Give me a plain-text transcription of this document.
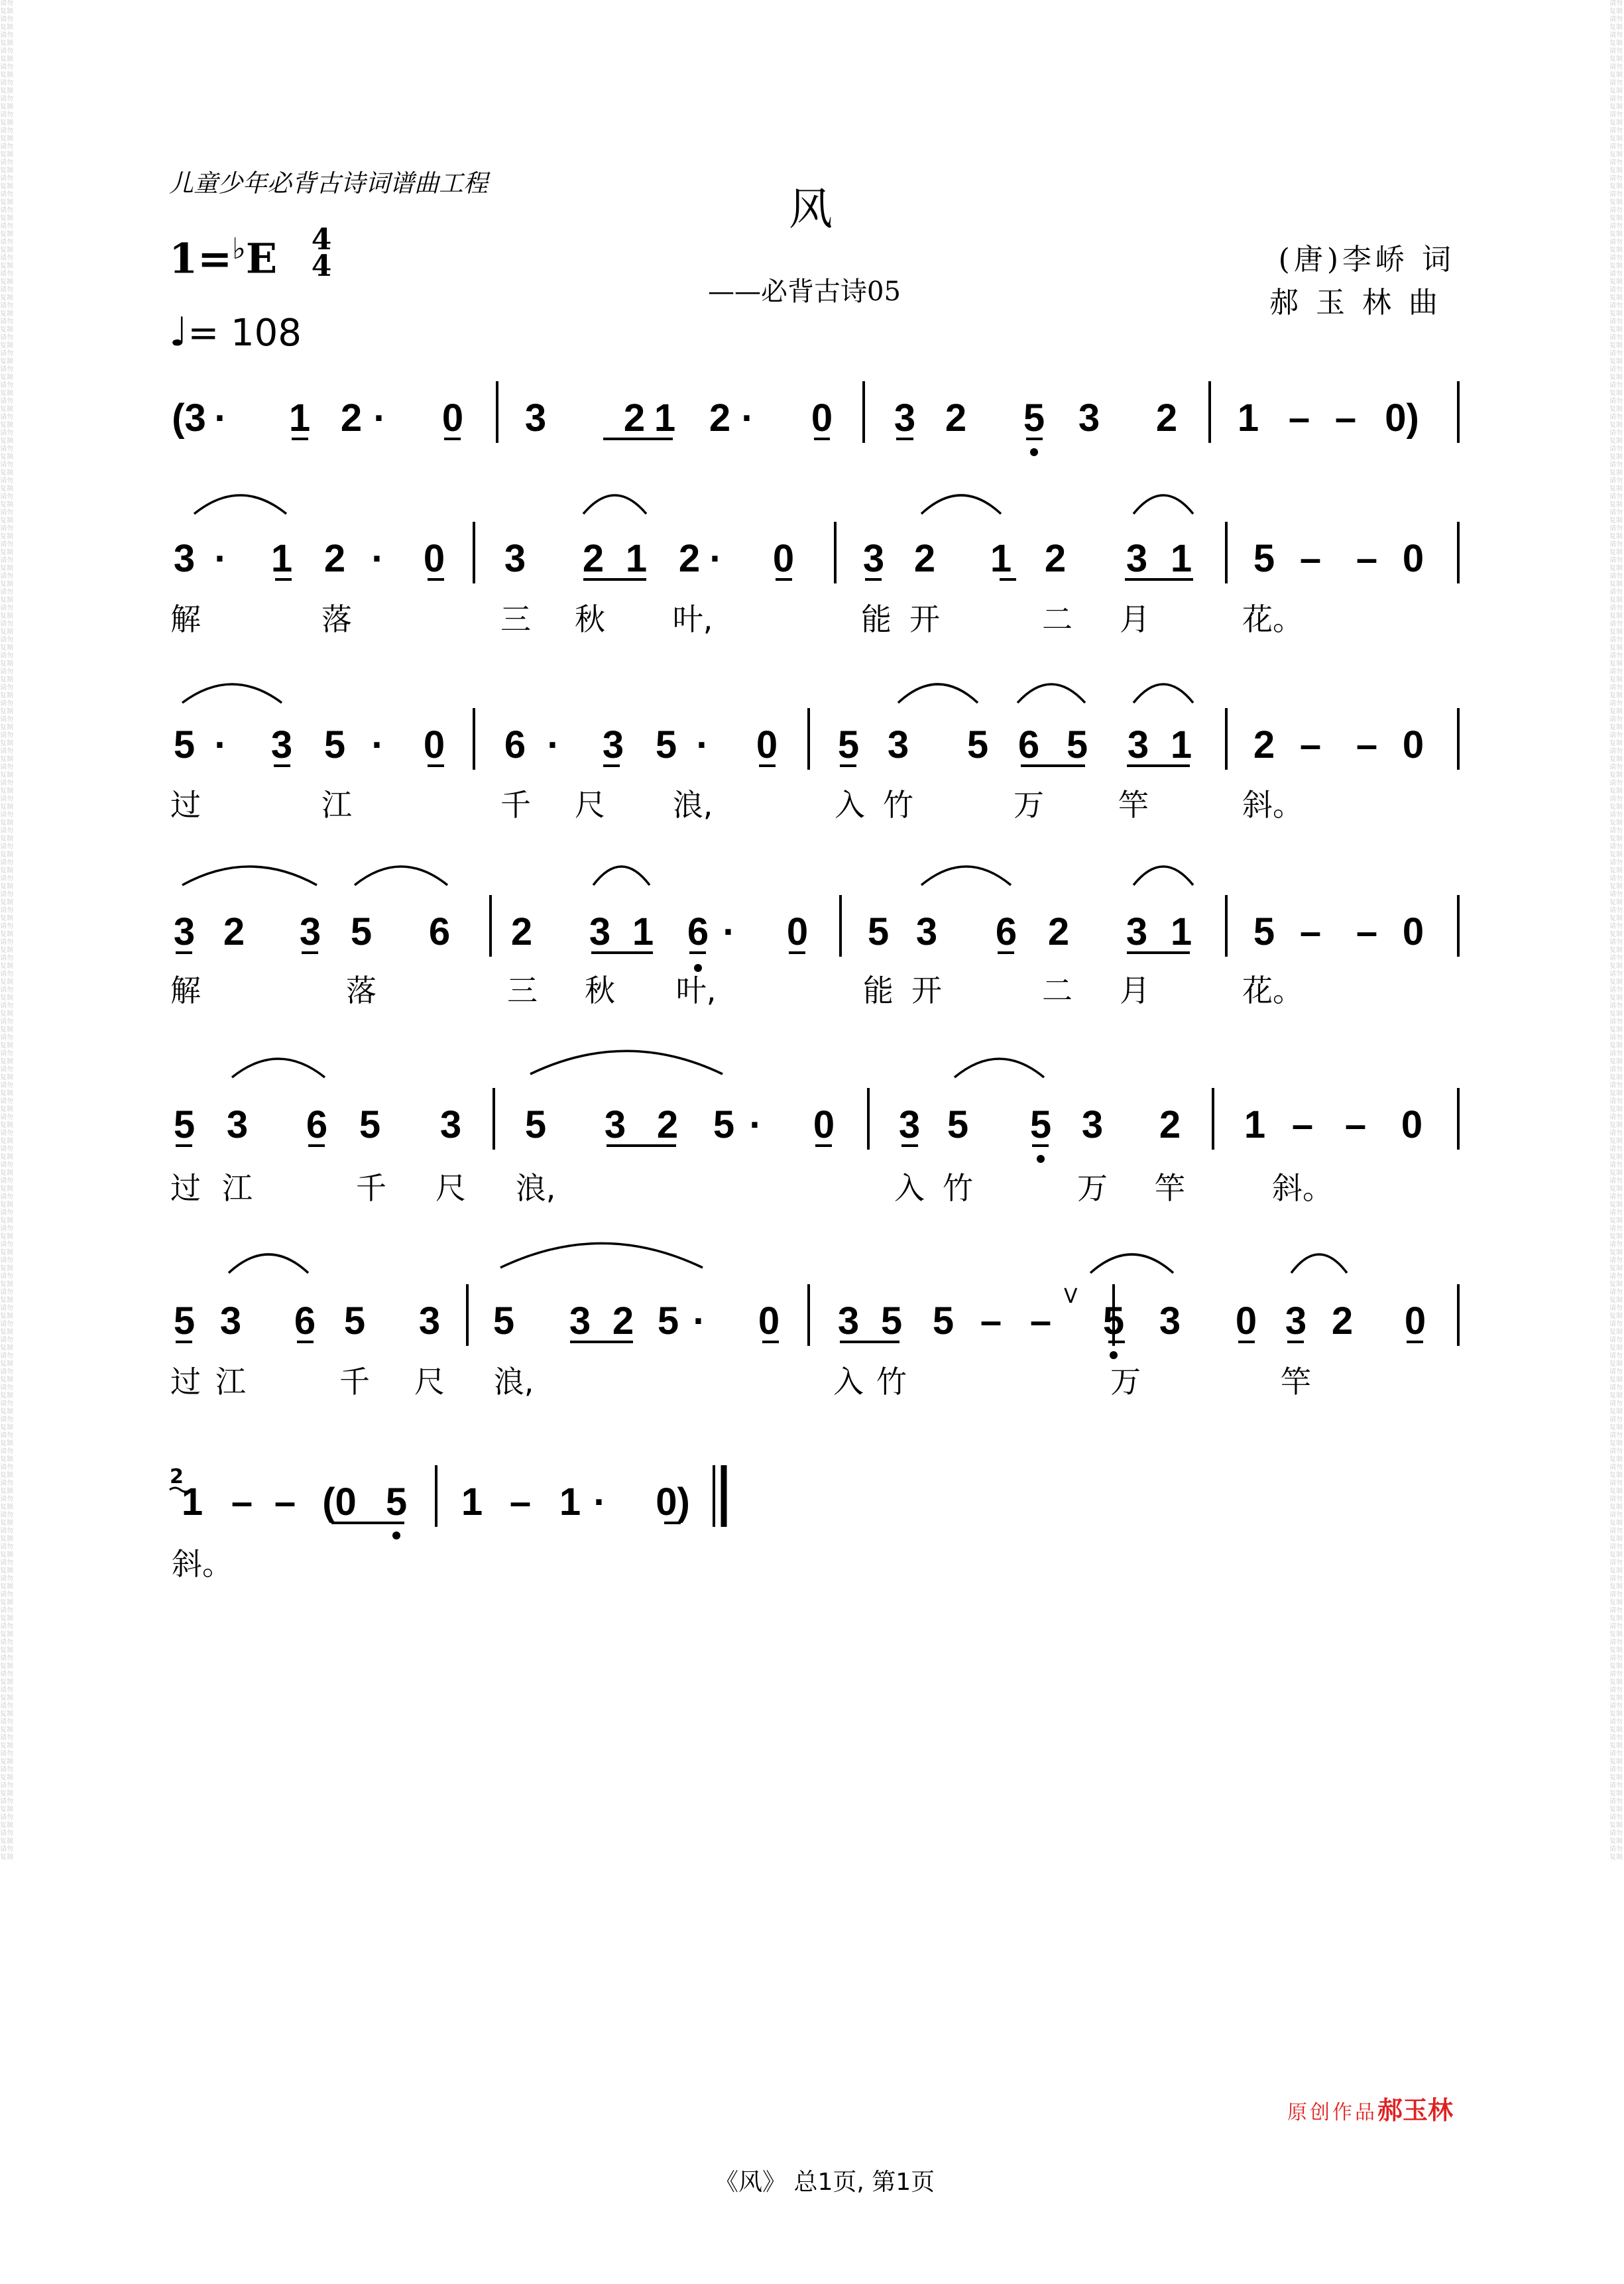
请勿复制 请勿复制 请勿复制 请勿复制 请勿复制 请勿复制 请勿复制 请勿复制 请勿复制 请勿复制 请勿复制 请勿复制 请勿复制 请勿复制 请勿复制 请勿复制 请勿复制 请勿复制 请勿复制 请勿复制 请勿复制 请勿复制 请勿复制 请勿复制 请勿复制 请勿复制 请勿复制 请勿复制 请勿复制 请勿复制 请勿复制 请勿复制 请勿复制 请勿复制 请勿复制 请勿复制 请勿复制 请勿复制 请勿复制 请勿复制 请勿复制 请勿复制 请勿复制 请勿复制 请勿复制 请勿复制 请勿复制 请勿复制 请勿复制 请勿复制 请勿复制 请勿复制 请勿复制 请勿复制 请勿复制 请勿复制 请勿复制 请勿复制 请勿复制 请勿复制 请勿复制 请勿复制 请勿复制 请勿复制 请勿复制 请勿复制 请勿复制 请勿复制 请勿复制 请勿复制 请勿复制 请勿复制 请勿复制 请勿复制 请勿复制 请勿复制 请勿复制 请勿复制 请勿复制 请勿复制 请勿复制 请勿复制 请勿复制 请勿复制 请勿复制 请勿复制 请勿复制 请勿复制 请勿复制 请勿复制 请勿复制 请勿复制 请勿复制 请勿复制 请勿复制 请勿复制 请勿复制 请勿复制 请勿复制 请勿复制 请勿复制 请勿复制 请勿复制 请勿复制 请勿复制 请勿复制 请勿复制 请勿复制 请勿复制 请勿复制 请勿复制 请勿复制 请勿复制 请勿复制 请勿复制 请勿复制 请勿复制
请勿复制 请勿复制 请勿复制 请勿复制 请勿复制 请勿复制 请勿复制 请勿复制 请勿复制 请勿复制 请勿复制 请勿复制 请勿复制 请勿复制 请勿复制 请勿复制 请勿复制 请勿复制 请勿复制 请勿复制 请勿复制 请勿复制 请勿复制 请勿复制 请勿复制 请勿复制 请勿复制 请勿复制 请勿复制 请勿复制 请勿复制 请勿复制 请勿复制 请勿复制 请勿复制 请勿复制 请勿复制 请勿复制 请勿复制 请勿复制 请勿复制 请勿复制 请勿复制 请勿复制 请勿复制 请勿复制 请勿复制 请勿复制 请勿复制 请勿复制 请勿复制 请勿复制 请勿复制 请勿复制 请勿复制 请勿复制 请勿复制 请勿复制 请勿复制 请勿复制 请勿复制 请勿复制 请勿复制 请勿复制 请勿复制 请勿复制 请勿复制 请勿复制 请勿复制 请勿复制 请勿复制 请勿复制 请勿复制 请勿复制 请勿复制 请勿复制 请勿复制 请勿复制 请勿复制 请勿复制 请勿复制 请勿复制 请勿复制 请勿复制 请勿复制 请勿复制 请勿复制 请勿复制 请勿复制 请勿复制 请勿复制 请勿复制 请勿复制 请勿复制 请勿复制 请勿复制 请勿复制 请勿复制 请勿复制 请勿复制 请勿复制 请勿复制 请勿复制 请勿复制 请勿复制 请勿复制 请勿复制 请勿复制 请勿复制 请勿复制 请勿复制 请勿复制 请勿复制 请勿复制 请勿复制 请勿复制 请勿复制
儿童少年必背古诗词谱曲工程
风
——必背古诗05
(唐)李峤 词
郝玉林曲
1=♭E 4
4
♩= 108
(3 · 1 2 · 0 3 2 1 2 · 0 3 2 5 3 2 1 – – 0)
3 · 1 2 · 0 3 2 1 2 · 0 3 2 1 2 3 1 5 – – 0
5 · 3 5 · 0 6 · 3 5 · 0 5 3 5 6 5 3 1 2 – – 0
3 2 3 5 6 2 3 1 6 · 0 5 3 6 2 3 1 5 – – 0
5 3 6 5 3 5 3 2 5 · 0 3 5 5 3 2 1 – – 0
5 3 6 5 3 5 3 2 5 · 0 3 5 5 – – 5 3 0 3 2 0
1 – – (0 5 1 – 1 · 0)
V
2
解	落	三 秋 叶,	能 开	二 月	花。
过	江	千 尺 浪,	入 竹	万 竿	斜。
解	落	三 秋 叶,	能 开	二 月	花。
过 江	千 尺 浪,	入 竹	万 竿	斜。
过 江	千 尺 浪,	入 竹	万	竿
斜。
原创作品郝玉林
《风》 总1页, 第1页
